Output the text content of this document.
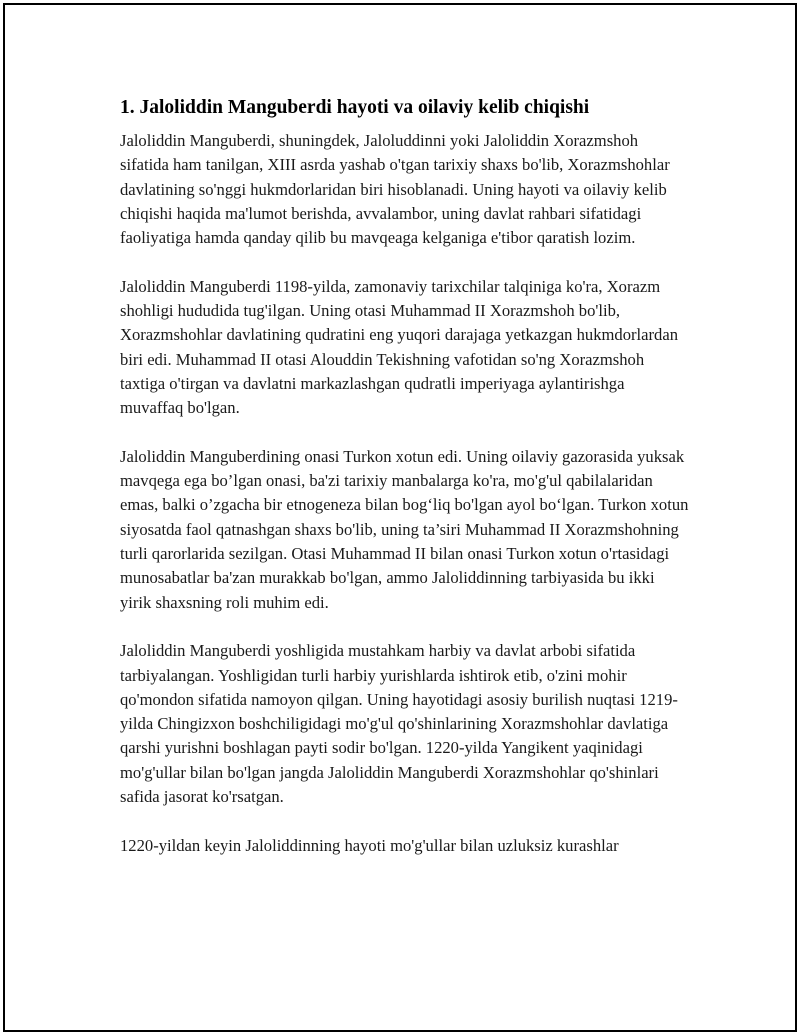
1. Jaloliddin Manguberdi hayoti va oilaviy kelib chiqishi

Jaloliddin Manguberdi, shuningdek, Jaloluddinni yoki Jaloliddin Xorazmshoh sifatida ham tanilgan, XIII asrda yashab o'tgan tarixiy shaxs bo'lib, Xorazmshohlar davlatining so'nggi hukmdorlaridan biri hisoblanadi. Uning hayoti va oilaviy kelib chiqishi haqida ma'lumot berishda, avvalambor, uning davlat rahbari sifatidagi faoliyatiga hamda qanday qilib bu mavqeaga kelganiga e'tibor qaratish lozim.

Jaloliddin Manguberdi 1198-yilda, zamonaviy tarixchilar talqiniga ko'ra, Xorazm shohligi hududida tug'ilgan. Uning otasi Muhammad II Xorazmshoh bo'lib, Xorazmshohlar davlatining qudratini eng yuqori darajaga yetkazgan hukmdorlardan biri edi. Muhammad II otasi Alouddin Tekishning vafotidan so'ng Xorazmshoh taxtiga o'tirgan va davlatni markazlashgan qudratli imperiyaga aylantirishga muvaffaq bo'lgan.

Jaloliddin Manguberdining onasi Turkon xotun edi. Uning oilaviy gazorasida yuksak mavqega ega bo’lgan onasi, ba'zi tarixiy manbalarga ko'ra, mo'g'ul qabilalaridan emas, balki o’zgacha bir etnogeneza bilan bog‘liq bo'lgan ayol bo‘lgan. Turkon xotun siyosatda faol qatnashgan shaxs bo'lib, uning ta’siri Muhammad II Xorazmshohning turli qarorlarida sezilgan. Otasi Muhammad II bilan onasi Turkon xotun o'rtasidagi munosabatlar ba'zan murakkab bo'lgan, ammo Jaloliddinning tarbiyasida bu ikki yirik shaxsning roli muhim edi.

Jaloliddin Manguberdi yoshligida mustahkam harbiy va davlat arbobi sifatida tarbiyalangan. Yoshligidan turli harbiy yurishlarda ishtirok etib, o'zini mohir qo'mondon sifatida namoyon qilgan. Uning hayotidagi asosiy burilish nuqtasi 1219-yilda Chingizxon boshchiligidagi mo'g'ul qo'shinlarining Xorazmshohlar davlatiga qarshi yurishni boshlagan payti sodir bo'lgan. 1220-yilda Yangikent yaqinidagi mo'g'ullar bilan bo'lgan jangda Jaloliddin Manguberdi Xorazmshohlar qo'shinlari safida jasorat ko'rsatgan.

1220-yildan keyin Jaloliddinning hayoti mo'g'ullar bilan uzluksiz kurashlar
